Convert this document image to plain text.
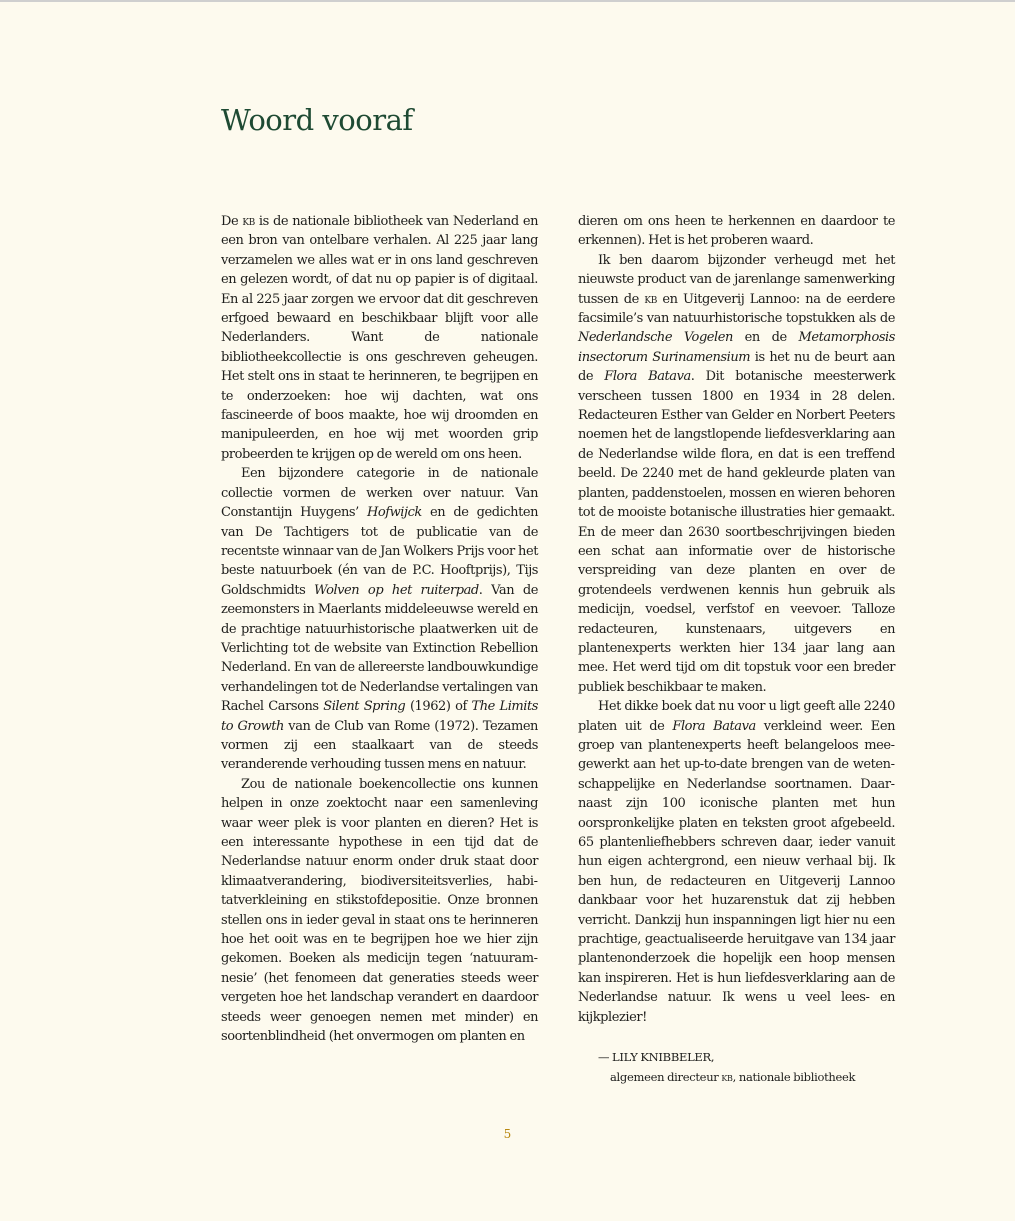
Woord vooraf

De kb is de nationale bibliotheek van Nederland en een bron van ontelbare verhalen. Al 225 jaar lang verzamelen we alles wat er in ons land geschreven en gelezen wordt, of dat nu op papier is of digitaal. En al 225 jaar zorgen we ervoor dat dit geschreven erfgoed bewaard en beschikbaar blijft voor alle Nederlanders. Want de nationale bibliotheekcollectie is ons geschreven geheugen. Het stelt ons in staat te herinneren, te begrijpen en te onderzoeken: hoe wij dachten, wat ons fascineerde of boos maakte, hoe wij droomden en manipuleerden, en hoe wij met woorden grip probeerden te krijgen op de wereld om ons heen.

Een bijzondere categorie in de nationale collectie vormen de werken over natuur. Van Constantijn Huygens’ Hofwijck en de gedichten van De Tachtigers tot de publicatie van de recentste winnaar van de Jan Wolkers Prijs voor het beste natuurboek (én van de P.C. Hooftprijs), Tijs Goldschmidts Wolven op het ruiterpad. Van de zeemonsters in Maerlants middeleeuwse wereld en de prachtige natuurhistorische plaatwerken uit de Verlichting tot de website van Extinction Rebellion Nederland. En van de allereerste landbouwkundige verhandelingen tot de Nederlandse vertalingen van Rachel Carsons Silent Spring (1962) of The Limits to Growth van de Club van Rome (1972). Tezamen vormen zij een staalkaart van de steeds veranderende verhouding tussen mens en natuur.

Zou de nationale boekencollectie ons kunnen helpen in onze zoektocht naar een samenleving waar weer plek is voor planten en dieren? Het is een interessante hypothese in een tijd dat de Nederlandse natuur enorm onder druk staat door klimaatverandering, biodiversiteitsverlies, habitatverkleining en stikstofdepositie. Onze bronnen stellen ons in ieder geval in staat ons te herinneren hoe het ooit was en te begrijpen hoe we hier zijn gekomen. Boeken als medicijn tegen ‘natuuramnesie’ (het fenomeen dat generaties steeds weer vergeten hoe het landschap verandert en daardoor steeds weer genoegen nemen met minder) en soortenblindheid (het onvermogen om planten en

dieren om ons heen te herkennen en daardoor te erkennen). Het is het proberen waard.

Ik ben daarom bijzonder verheugd met het nieuwste product van de jarenlange samenwerking tussen de kb en Uitgeverij Lannoo: na de eerdere facsimile’s van natuurhistorische topstukken als de Nederlandsche Vogelen en de Metamorphosis insectorum Surinamensium is het nu de beurt aan de Flora Batava. Dit botanische meesterwerk verscheen tussen 1800 en 1934 in 28 delen. Redacteuren Esther van Gelder en Norbert Peeters noemen het de langstlopende liefdesverklaring aan de Nederlandse wilde flora, en dat is een treffend beeld. De 2240 met de hand gekleurde platen van planten, paddenstoelen, mossen en wieren behoren tot de mooiste botanische illustraties hier gemaakt. En de meer dan 2630 soortbeschrijvingen bieden een schat aan informatie over de historische verspreiding van deze planten en over de grotendeels verdwenen kennis hun gebruik als medicijn, voedsel, verfstof en veevoer. Talloze redacteuren, kunstenaars, uitgevers en plantenexperts werkten hier 134 jaar lang aan mee. Het werd tijd om dit topstuk voor een breder publiek beschikbaar te maken.

Het dikke boek dat nu voor u ligt geeft alle 2240 platen uit de Flora Batava verkleind weer. Een groep van plantenexperts heeft belangeloos meegewerkt aan het up-to-date brengen van de wetenschappelijke en Nederlandse soortnamen. Daarnaast zijn 100 iconische planten met hun oorspronkelijke platen en teksten groot afgebeeld. 65 plantenliefhebbers schreven daar, ieder vanuit hun eigen achtergrond, een nieuw verhaal bij. Ik ben hun, de redacteuren en Uitgeverij Lannoo dankbaar voor het huzarenstuk dat zij hebben verricht. Dankzij hun inspanningen ligt hier nu een prachtige, geactualiseerde heruitgave van 134 jaar plantenonderzoek die hopelijk een hoop mensen kan inspireren. Het is hun liefdesverklaring aan de Nederlandse natuur. Ik wens u veel lees- en kijkplezier!

— LILY KNIBBELER,
algemeen directeur kb, nationale bibliotheek

5
